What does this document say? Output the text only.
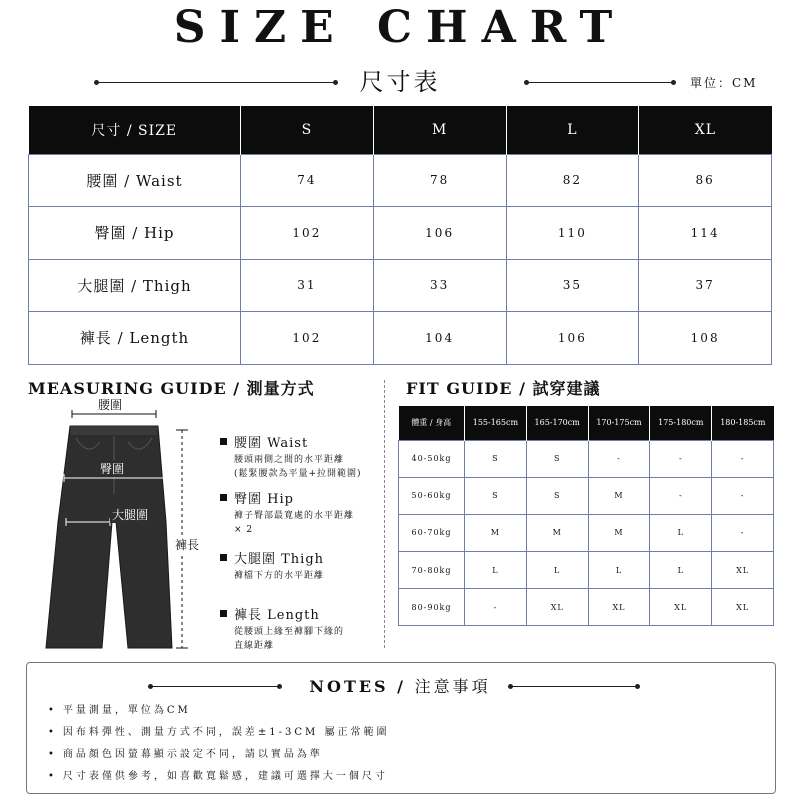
SIZE CHART
尺寸表	單位：CM
尺寸 / SIZE	S	M	L	XL
腰圍 / Waist	74	78	82	86
臀圍 / Hip	102	106	110	114
大腿圍 / Thigh	31	33	35	37
褲長 / Length	102	104	106	108
MEASURING GUIDE / 測量方式	FIT GUIDE / 試穿建議
腰圍
臀圍
大腿圍
褲長
腰圍 Waist
腰頭兩側之間的水平距離
(鬆緊腰款為平量+拉開範圍)
臀圍 Hip
褲子臀部最寬處的水平距離
× 2
大腿圍 Thigh
褲檔下方的水平距離
褲長 Length
從腰頭上緣至褲腳下緣的
直線距離
體重 / 身高	155-165cm	165-170cm	170-175cm	175-180cm	180-185cm
40-50kg	S	S	-	-	-
50-60kg	S	S	M	-	-
60-70kg	M	M	M	L	-
70-80kg	L	L	L	L	XL
80-90kg	-	XL	XL	XL	XL
NOTES / 注意事項
• 平量測量，單位為CM
• 因布料彈性、測量方式不同，誤差±1-3CM 屬正常範圍
• 商品顏色因螢幕顯示設定不同，請以實品為準
• 尺寸表僅供參考，如喜歡寬鬆感，建議可選擇大一個尺寸
